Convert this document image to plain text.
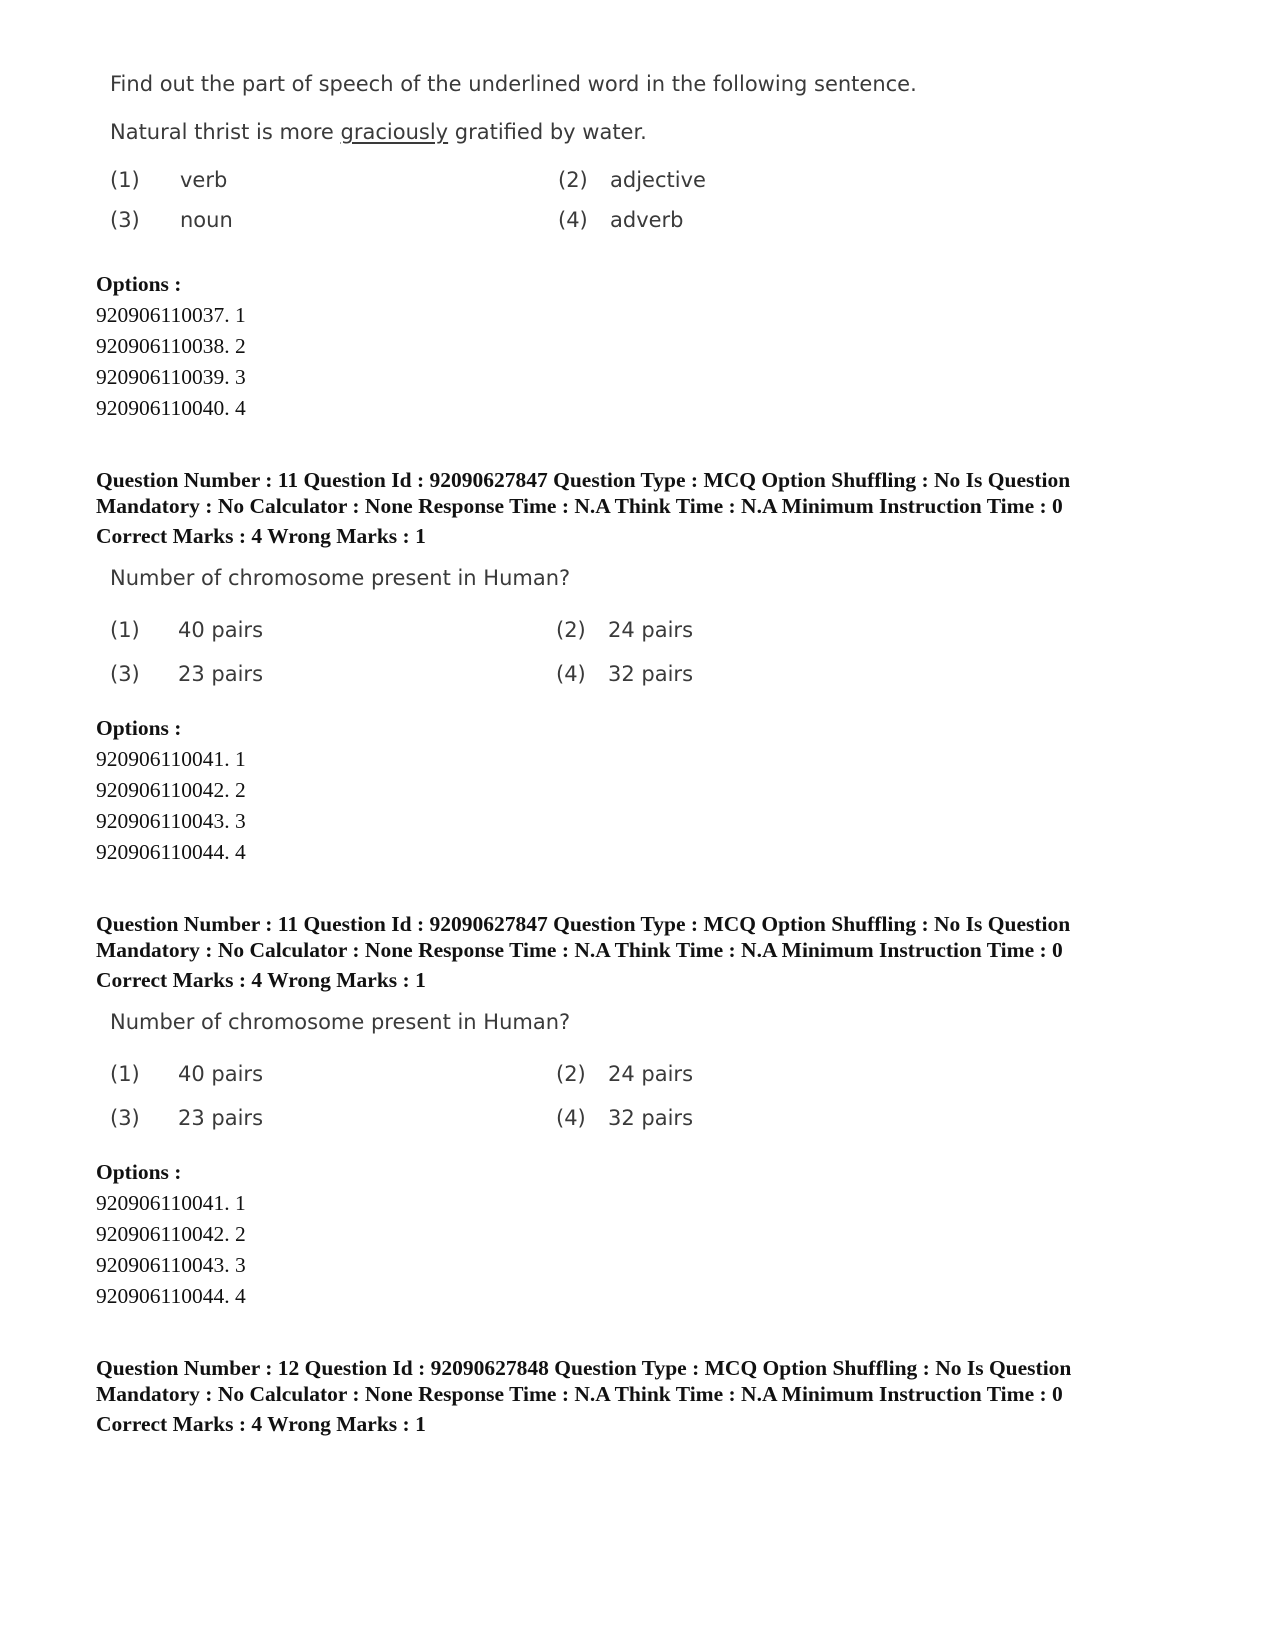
Find out the part of speech of the underlined word in the following sentence.
Natural thrist is more graciously gratified by water.
(1) verb	(2) adjective
(3) noun	(4) adverb
Options :
920906110037. 1
920906110038. 2
920906110039. 3
920906110040. 4
Question Number : 11 Question Id : 92090627847 Question Type : MCQ Option Shuffling : No Is Question
Mandatory : No Calculator : None Response Time : N.A Think Time : N.A Minimum Instruction Time : 0
Correct Marks : 4 Wrong Marks : 1
Number of chromosome present in Human?
(1) 40 pairs	(2) 24 pairs
(3) 23 pairs	(4) 32 pairs
Options :
920906110041. 1
920906110042. 2
920906110043. 3
920906110044. 4
Question Number : 11 Question Id : 92090627847 Question Type : MCQ Option Shuffling : No Is Question
Mandatory : No Calculator : None Response Time : N.A Think Time : N.A Minimum Instruction Time : 0
Correct Marks : 4 Wrong Marks : 1
Number of chromosome present in Human?
(1) 40 pairs	(2) 24 pairs
(3) 23 pairs	(4) 32 pairs
Options :
920906110041. 1
920906110042. 2
920906110043. 3
920906110044. 4
Question Number : 12 Question Id : 92090627848 Question Type : MCQ Option Shuffling : No Is Question
Mandatory : No Calculator : None Response Time : N.A Think Time : N.A Minimum Instruction Time : 0
Correct Marks : 4 Wrong Marks : 1
